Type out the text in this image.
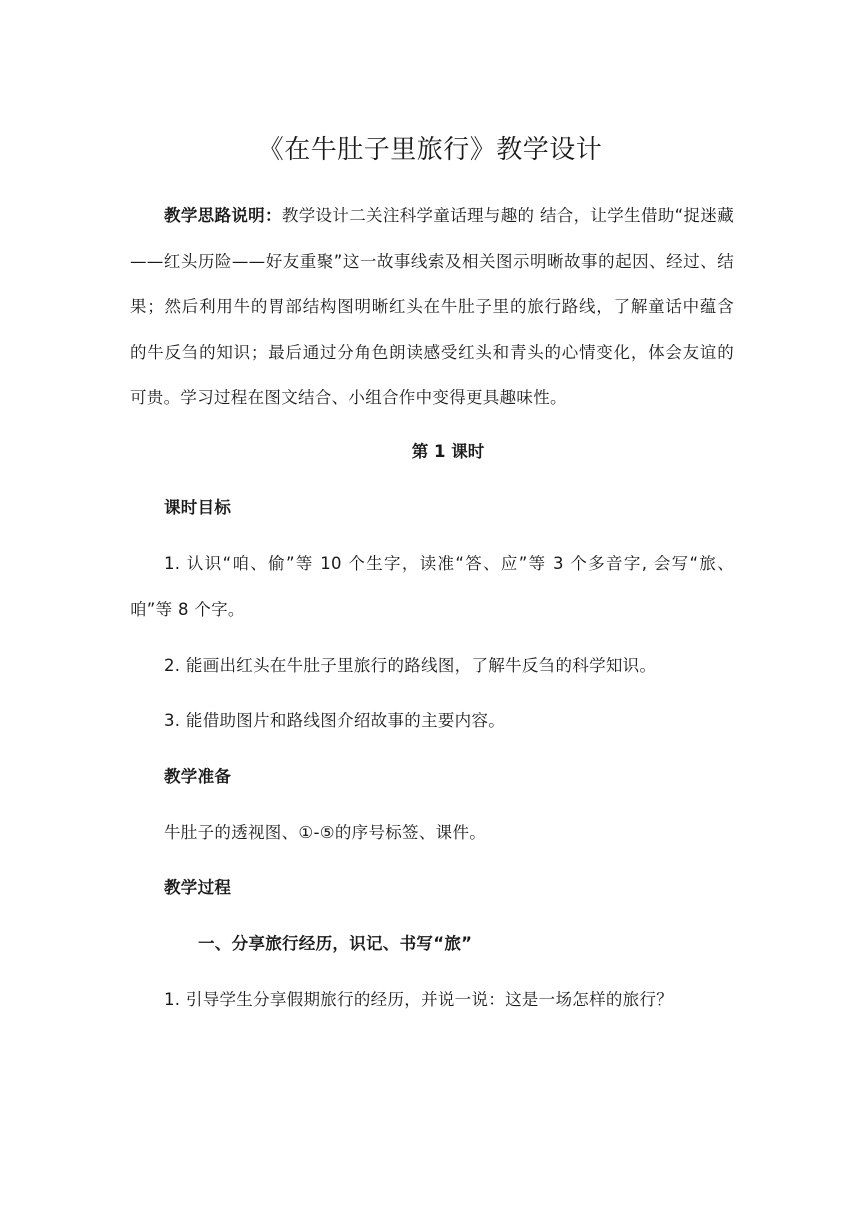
《在牛肚子里旅行》教学设计
教学思路说明：教学设计二关注科学童话理与趣的 结合，让学生借助“捉迷藏——红头历险——好友重聚”这一故事线索及相关图示明晰故事的起因、经过、结果；然后利用牛的胃部结构图明晰红头在牛肚子里的旅行路线，了解童话中蕴含的牛反刍的知识；最后通过分角色朗读感受红头和青头的心情变化，体会友谊的可贵。学习过程在图文结合、小组合作中变得更具趣味性。
第 1 课时
课时目标
1. 认识“咱、偷”等 10 个生字，读准“答、应”等 3 个多音字, 会写“旅、咱”等 8 个字。
2. 能画出红头在牛肚子里旅行的路线图，了解牛反刍的科学知识。
3. 能借助图片和路线图介绍故事的主要内容。
教学准备
牛肚子的透视图、①-⑤的序号标签、课件。
教学过程
一、分享旅行经历，识记、书写“旅”
1. 引导学生分享假期旅行的经历，并说一说：这是一场怎样的旅行？
